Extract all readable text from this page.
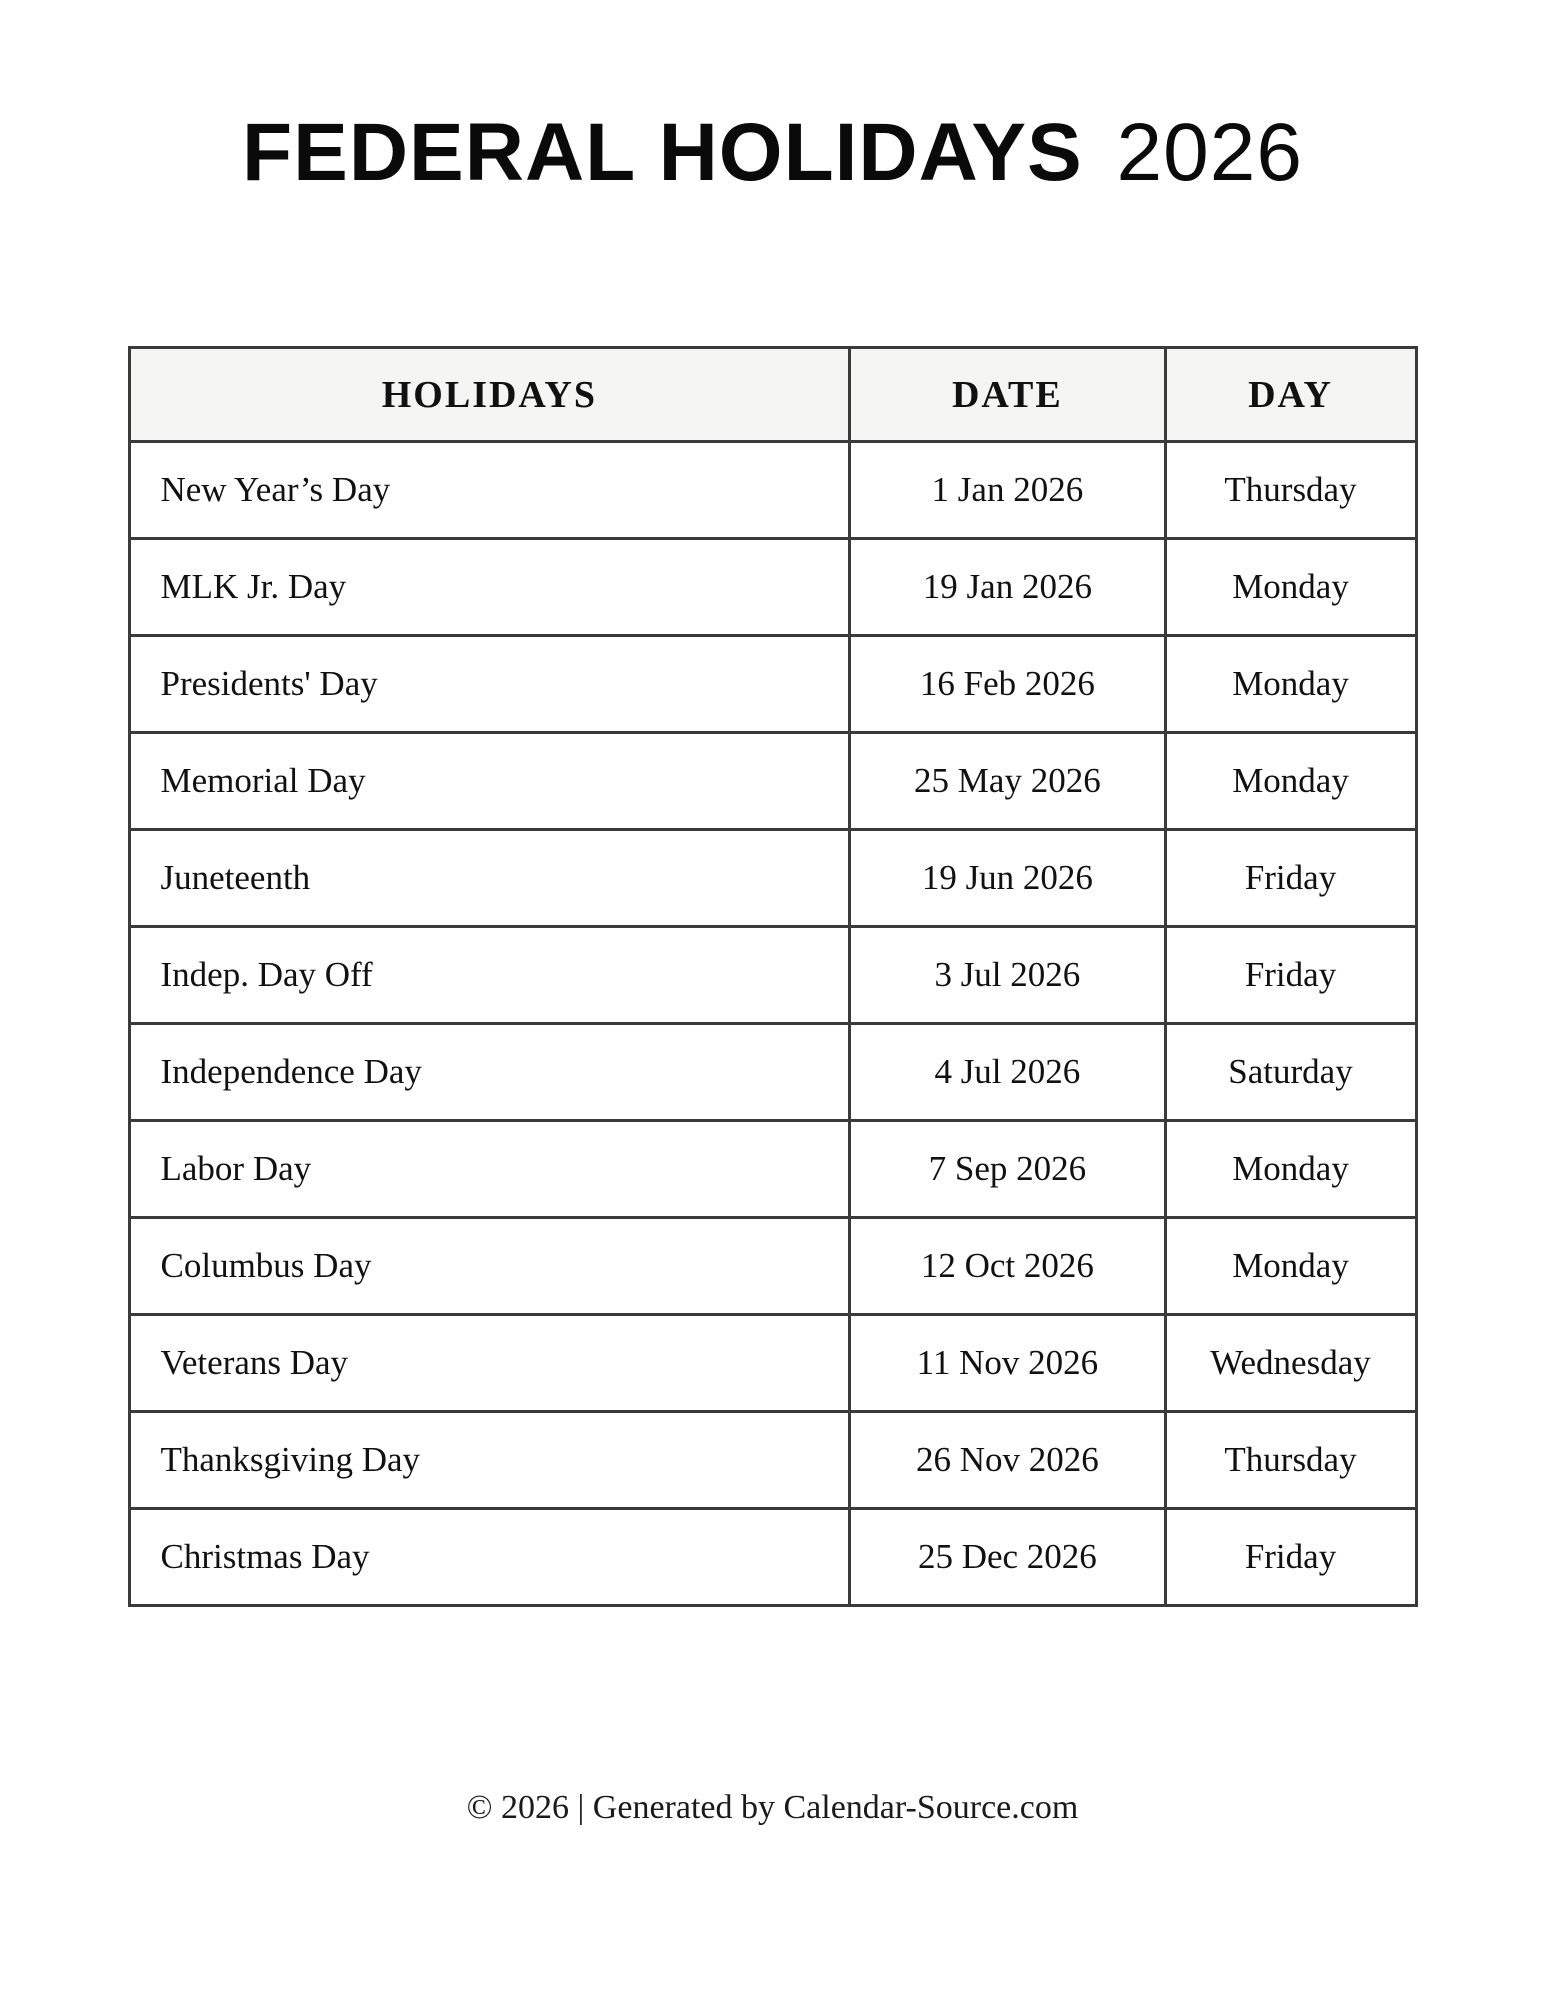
FEDERAL HOLIDAYS 2026
HOLIDAYS	DATE	DAY
New Year’s Day	1 Jan 2026	Thursday
MLK Jr. Day	19 Jan 2026	Monday
Presidents' Day	16 Feb 2026	Monday
Memorial Day	25 May 2026	Monday
Juneteenth	19 Jun 2026	Friday
Indep. Day Off	3 Jul 2026	Friday
Independence Day	4 Jul 2026	Saturday
Labor Day	7 Sep 2026	Monday
Columbus Day	12 Oct 2026	Monday
Veterans Day	11 Nov 2026	Wednesday
Thanksgiving Day	26 Nov 2026	Thursday
Christmas Day	25 Dec 2026	Friday
© 2026 | Generated by Calendar-Source.com
